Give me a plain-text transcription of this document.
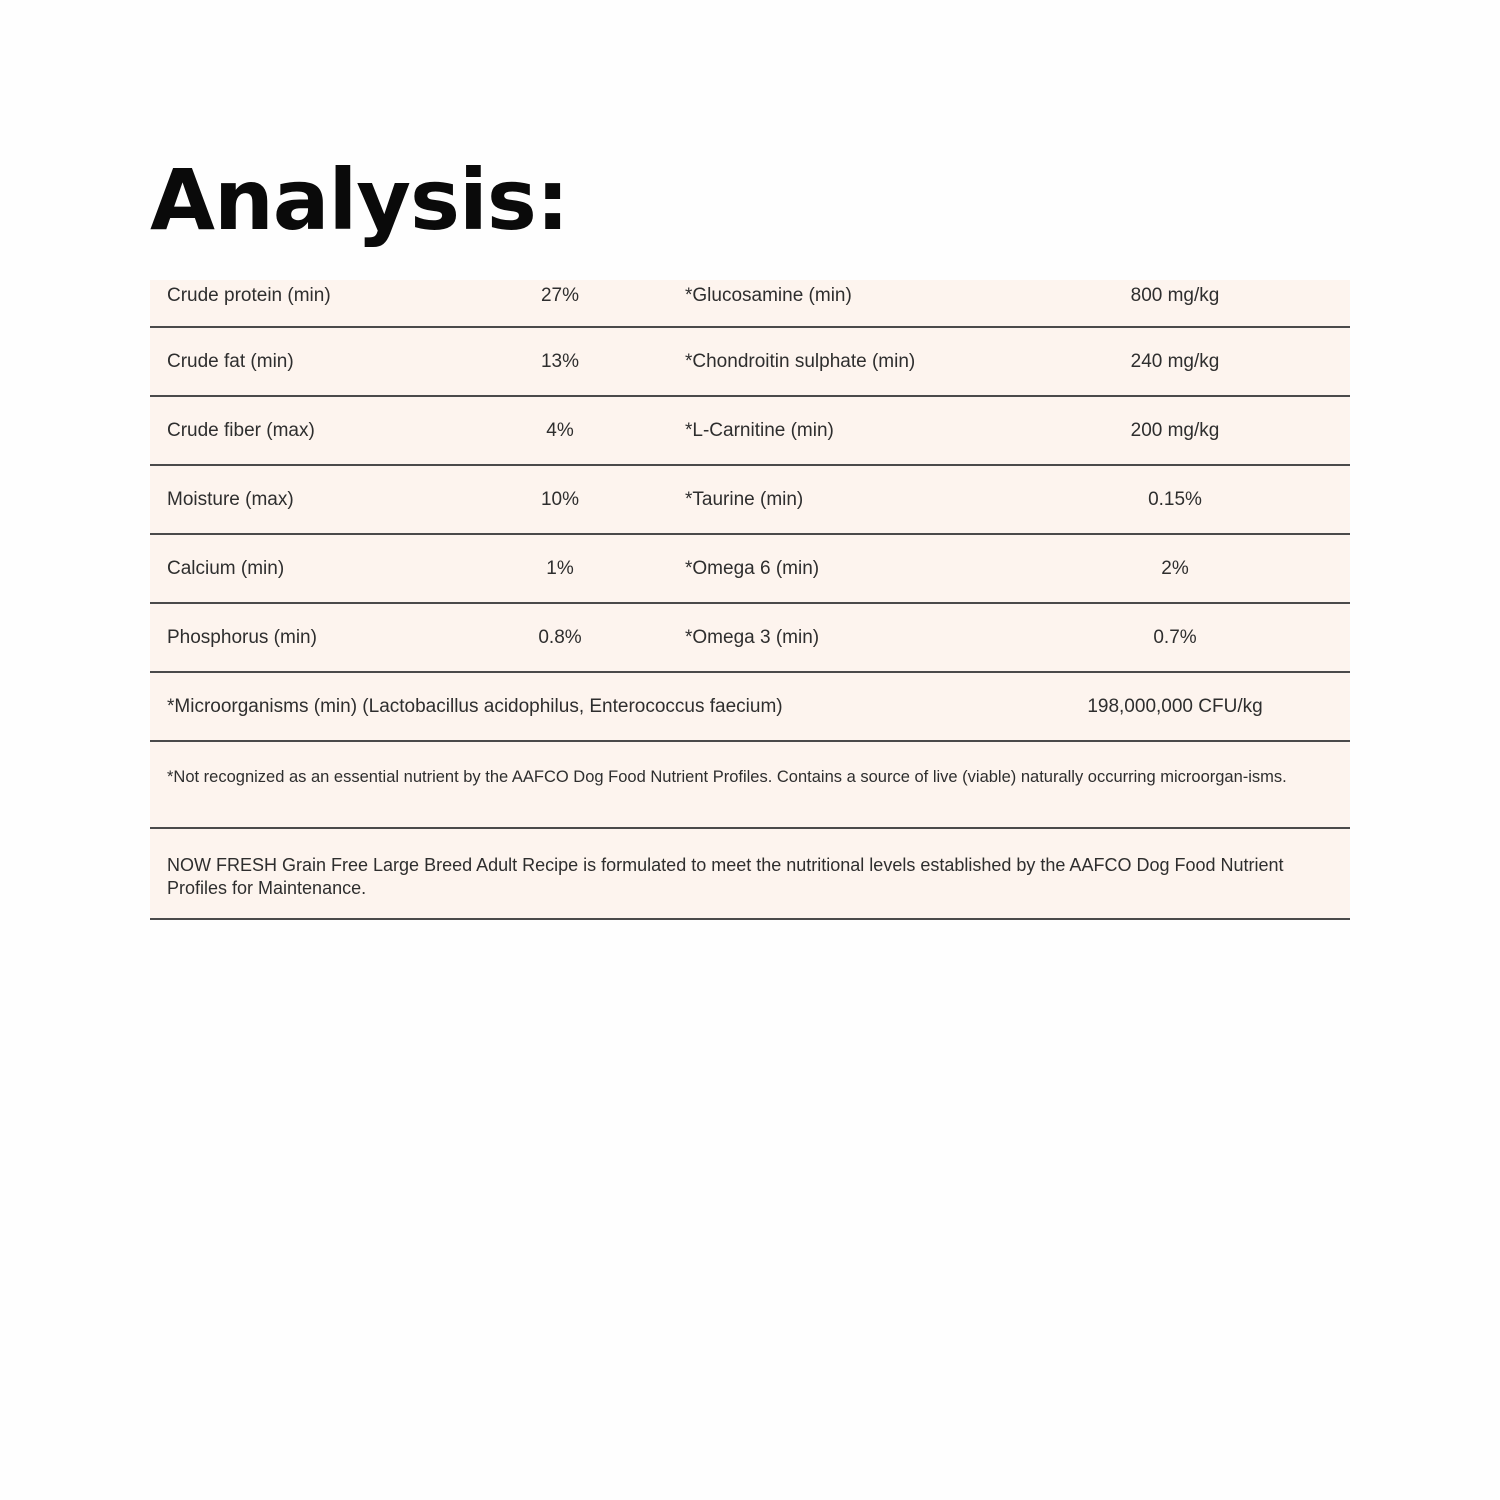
Analysis:
Crude protein (min)	27%	*Glucosamine (min)	800 mg/kg
Crude fat (min)	13%	*Chondroitin sulphate (min)	240 mg/kg
Crude fiber (max)	4%	*L-Carnitine (min)	200 mg/kg
Moisture (max)	10%	*Taurine (min)	0.15%
Calcium (min)	1%	*Omega 6 (min)	2%
Phosphorus (min)	0.8%	*Omega 3 (min)	0.7%
*Microorganisms (min) (Lactobacillus acidophilus, Enterococcus faecium)	198,000,000 CFU/kg
*Not recognized as an essential nutrient by the AAFCO Dog Food Nutrient Profiles. Contains a source of live (viable) naturally occurring microorgan-isms.
NOW FRESH Grain Free Large Breed Adult Recipe is formulated to meet the nutritional levels established by the AAFCO Dog Food Nutrient Profiles for Maintenance.
